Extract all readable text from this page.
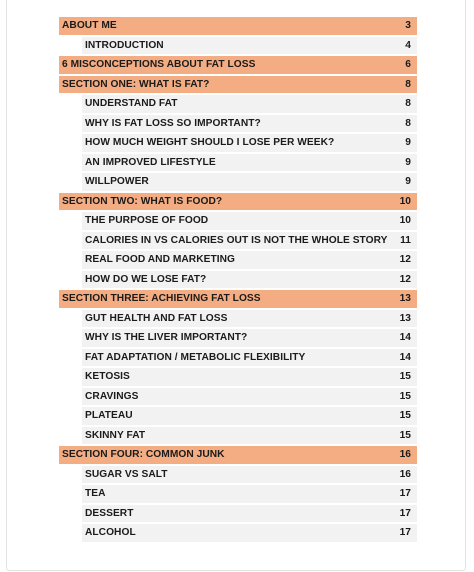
ABOUT ME	3
INTRODUCTION	4
6 MISCONCEPTIONS ABOUT FAT LOSS	6
SECTION ONE: WHAT IS FAT?	8
UNDERSTAND FAT	8
WHY IS FAT LOSS SO IMPORTANT?	8
HOW MUCH WEIGHT SHOULD I LOSE PER WEEK?	9
AN IMPROVED LIFESTYLE	9
WILLPOWER	9
SECTION TWO: WHAT IS FOOD?	10
THE PURPOSE OF FOOD	10
CALORIES IN VS CALORIES OUT IS NOT THE WHOLE STORY	11
REAL FOOD AND MARKETING	12
HOW DO WE LOSE FAT?	12
SECTION THREE: ACHIEVING FAT LOSS	13
GUT HEALTH AND FAT LOSS	13
WHY IS THE LIVER IMPORTANT?	14
FAT ADAPTATION / METABOLIC FLEXIBILITY	14
KETOSIS	15
CRAVINGS	15
PLATEAU	15
SKINNY FAT	15
SECTION FOUR: COMMON JUNK	16
SUGAR VS SALT	16
TEA	17
DESSERT	17
ALCOHOL	17
